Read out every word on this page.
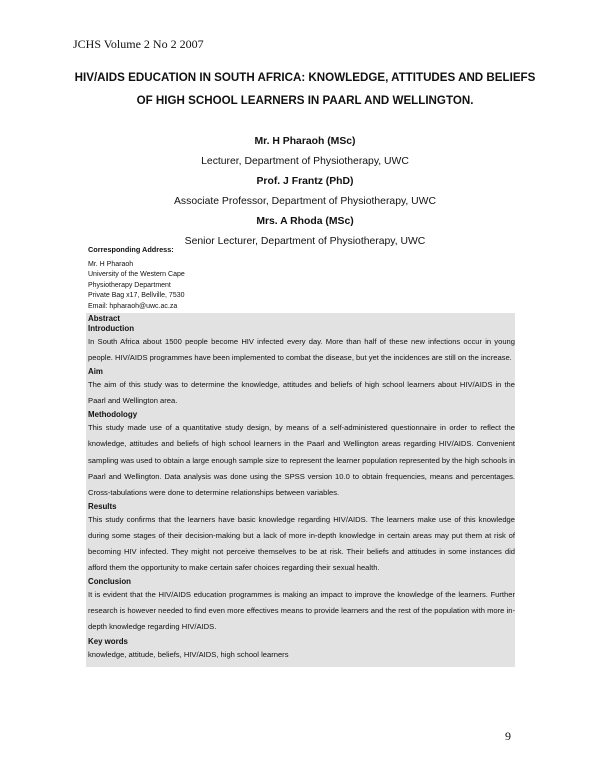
JCHS Volume 2 No 2 2007
HIV/AIDS EDUCATION IN SOUTH AFRICA: KNOWLEDGE, ATTITUDES AND BELIEFS OF HIGH SCHOOL LEARNERS IN PAARL AND WELLINGTON.
Mr. H Pharaoh (MSc)
Lecturer, Department of Physiotherapy, UWC
Prof. J Frantz (PhD)
Associate Professor, Department of Physiotherapy, UWC
Mrs. A Rhoda (MSc)
Senior Lecturer, Department of Physiotherapy, UWC
Corresponding Address:
Mr. H Pharaoh
University of the Western Cape
Physiotherapy Department
Private Bag x17, Bellville, 7530
Email: hpharaoh@uwc.ac.za
Abstract
Introduction
In South Africa about 1500 people become HIV infected every day. More than half of these new infections occur in young people. HIV/AIDS programmes have been implemented to combat the disease, but yet the incidences are still on the increase.
Aim
The aim of this study was to determine the knowledge, attitudes and beliefs of high school learners about HIV/AIDS in the Paarl and Wellington area.
Methodology
This study made use of a quantitative study design, by means of a self-administered questionnaire in order to reflect the knowledge, attitudes and beliefs of high school learners in the Paarl and Wellington areas regarding HIV/AIDS. Convenient sampling was used to obtain a large enough sample size to represent the learner population represented by the high schools in Paarl and Wellington. Data analysis was done using the SPSS version 10.0 to obtain frequencies, means and percentages. Cross-tabulations were done to determine relationships between variables.
Results
This study confirms that the learners have basic knowledge regarding HIV/AIDS. The learners make use of this knowledge during some stages of their decision-making but a lack of more in-depth knowledge in certain areas may put them at risk of becoming HIV infected. They might not perceive themselves to be at risk. Their beliefs and attitudes in some instances did afford them the opportunity to make certain safer choices regarding their sexual health.
Conclusion
It is evident that the HIV/AIDS education programmes is making an impact to improve the knowledge of the learners. Further research is however needed to find even more effectives means to provide learners and the rest of the population with more in-depth knowledge regarding HIV/AIDS.
Key words
knowledge, attitude, beliefs, HIV/AIDS, high school learners
9
